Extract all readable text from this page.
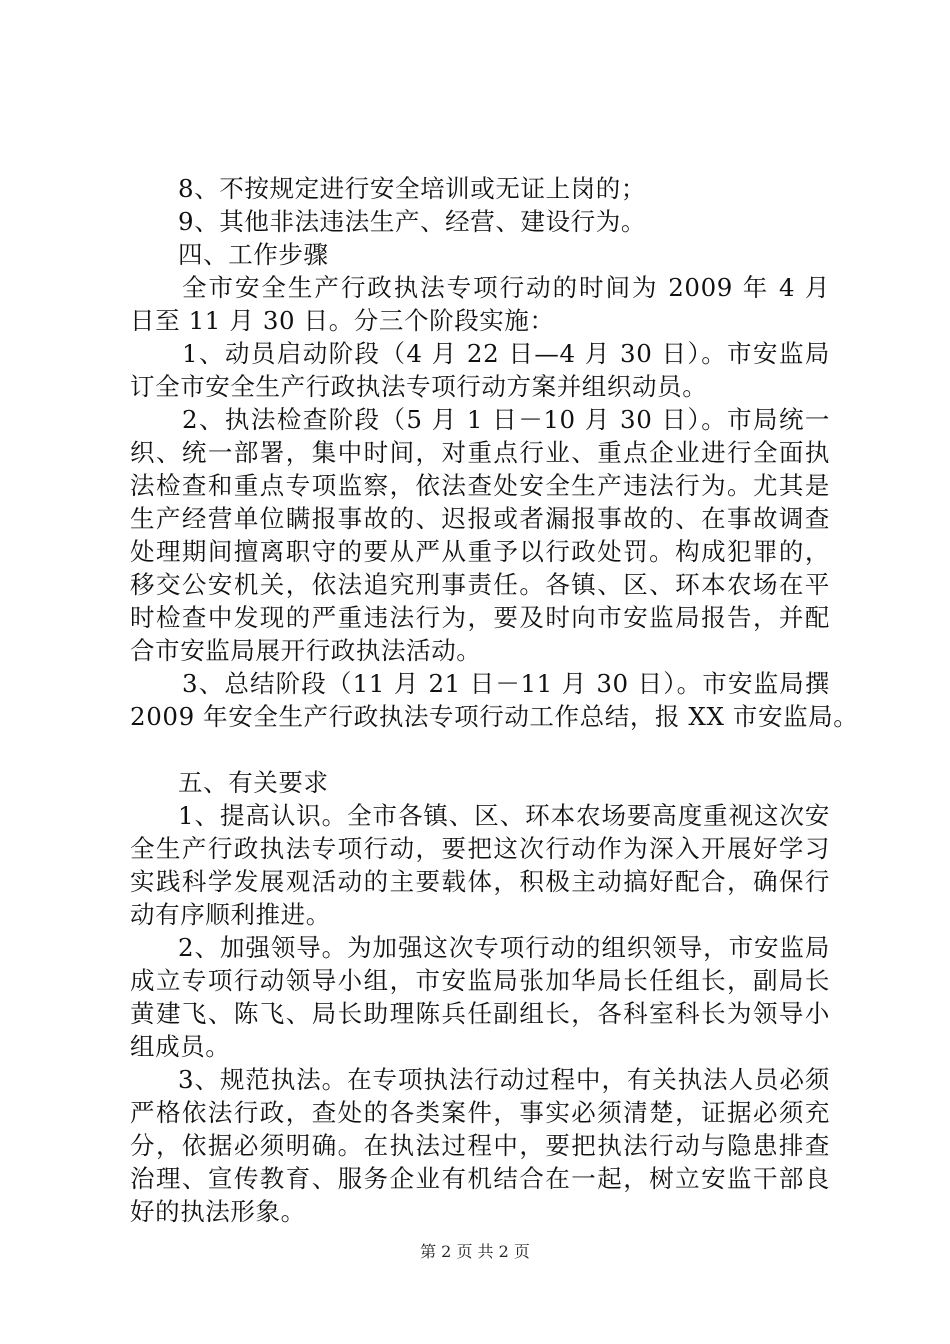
8、不按规定进行安全培训或无证上岗的；
9、其他非法违法生产、经营、建设行为。
四、工作步骤
全市安全生产行政执法专项行动的时间为 2009 年 4 月
日至 11 月 30 日。分三个阶段实施：
1、动员启动阶段（4 月 22 日—4 月 30 日）。市安监局
订全市安全生产行政执法专项行动方案并组织动员。
2、执法检查阶段（5 月 1 日－10 月 30 日）。市局统一
织、统一部署，集中时间，对重点行业、重点企业进行全面执
法检查和重点专项监察，依法查处安全生产违法行为。尤其是
生产经营单位瞒报事故的、迟报或者漏报事故的、在事故调查
处理期间擅离职守的要从严从重予以行政处罚。构成犯罪的，
移交公安机关，依法追究刑事责任。各镇、区、环本农场在平
时检查中发现的严重违法行为，要及时向市安监局报告，并配
合市安监局展开行政执法活动。
3、总结阶段（11 月 21 日－11 月 30 日）。市安监局撰
2009 年安全生产行政执法专项行动工作总结，报 XX 市安监局。
五、有关要求
1、提高认识。全市各镇、区、环本农场要高度重视这次安
全生产行政执法专项行动，要把这次行动作为深入开展好学习
实践科学发展观活动的主要载体，积极主动搞好配合，确保行
动有序顺利推进。
2、加强领导。为加强这次专项行动的组织领导，市安监局
成立专项行动领导小组，市安监局张加华局长任组长，副局长
黄建飞、陈飞、局长助理陈兵任副组长，各科室科长为领导小
组成员。
3、规范执法。在专项执法行动过程中，有关执法人员必须
严格依法行政，查处的各类案件，事实必须清楚，证据必须充
分，依据必须明确。在执法过程中，要把执法行动与隐患排查
治理、宣传教育、服务企业有机结合在一起，树立安监干部良
好的执法形象。
第 2 页 共 2 页
